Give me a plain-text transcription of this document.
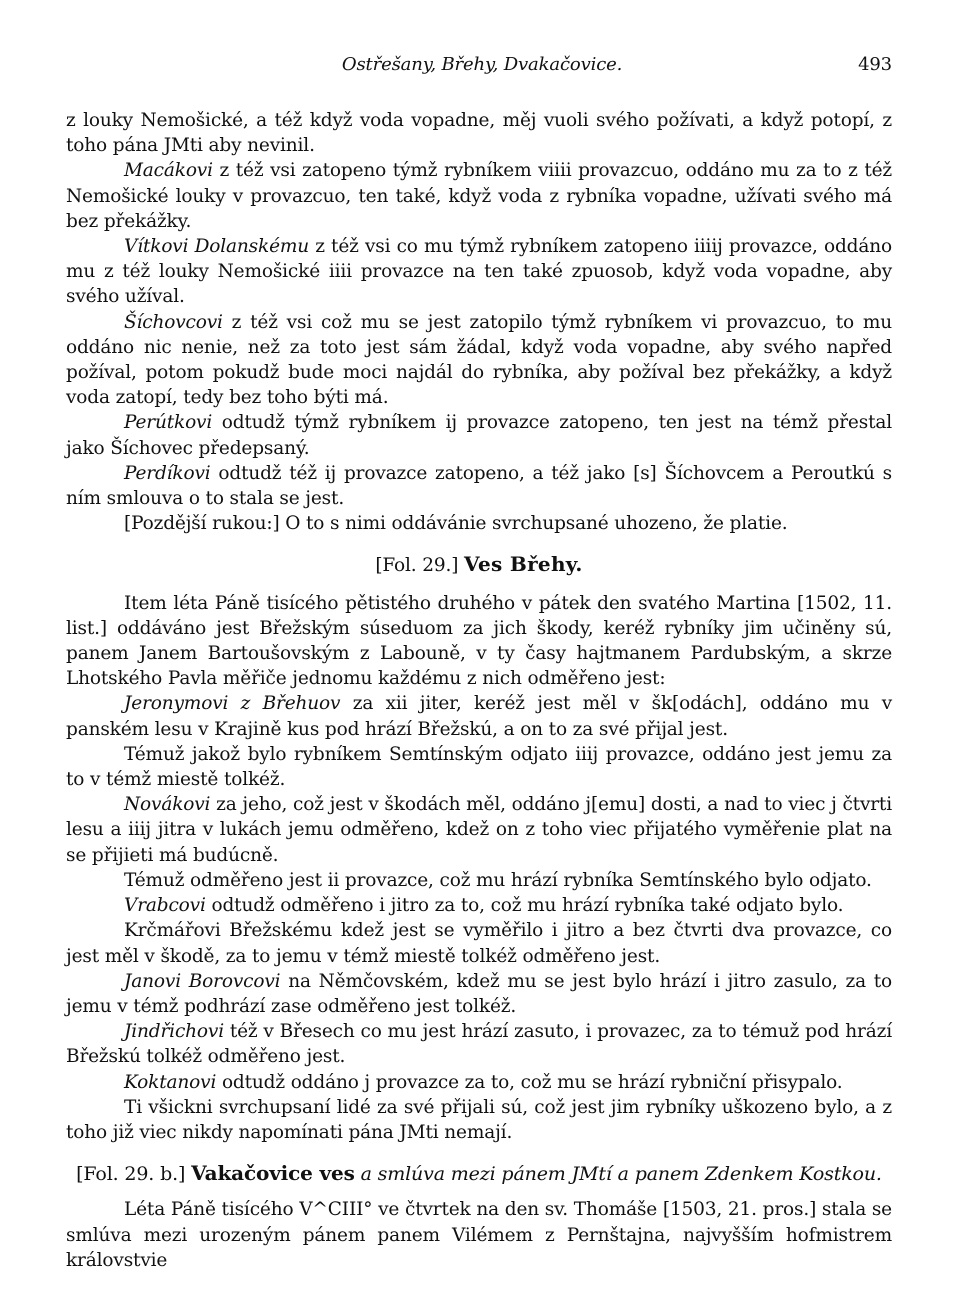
Ostřešany, Břehy, Dvakačovice.	493

z louky Nemošické, a též když voda vopadne, měj vuoli svého požívati, a když potopí, z toho pána JMti aby nevinil.

Macákovi z též vsi zatopeno týmž rybníkem viiii provazcuo, oddáno mu za to z též Nemošické louky v provazcuo, ten také, když voda z rybníka vopadne, užívati svého má bez překážky.

Vítkovi Dolanskému z též vsi co mu týmž rybníkem zatopeno iiiij provazce, oddáno mu z též louky Nemošické iiii provazce na ten také zpuosob, když voda vopadne, aby svého užíval.

Šíchovcovi z též vsi což mu se jest zatopilo týmž rybníkem vi provazcuo, to mu oddáno nic nenie, než za toto jest sám žádal, když voda vopadne, aby svého napřed požíval, potom pokudž bude moci najdál do rybníka, aby požíval bez překážky, a když voda zatopí, tedy bez toho býti má.

Perútkovi odtudž týmž rybníkem ij provazce zatopeno, ten jest na témž přestal jako Šíchovec předepsaný.

Perdíkovi odtudž též ij provazce zatopeno, a též jako [s] Šíchovcem a Peroutkú s ním smlouva o to stala se jest.

[Pozdější rukou:] O to s nimi oddávánie svrchupsané uhozeno, že platie.

[Fol. 29.] Ves Břehy.

Item léta Páně tisícého pětistého druhého v pátek den svatého Martina [1502, 11. list.] oddáváno jest Břežským súseduom za jich škody, keréž rybníky jim učiněny sú, panem Janem Bartoušovským z Labouně, v ty časy hajtmanem Pardubským, a skrze Lhotského Pavla měřiče jednomu každému z nich odměřeno jest:

Jeronymovi z Břehuov za xii jiter, keréž jest měl v šk[odách], oddáno mu v panském lesu v Krajině kus pod hrází Břežskú, a on to za své přijal jest.

Témuž jakož bylo rybníkem Semtínským odjato iiij provazce, oddáno jest jemu za to v témž miestě tolkéž.

Novákovi za jeho, což jest v škodách měl, oddáno j[emu] dosti, a nad to viec j čtvrti lesu a iiij jitra v lukách jemu odměřeno, kdež on z toho viec přijatého vyměřenie plat na se přijieti má budúcně.

Témuž odměřeno jest ii provazce, což mu hrází rybníka Semtínského bylo odjato.

Vrabcovi odtudž odměřeno i jitro za to, což mu hrází rybníka také odjato bylo.

Krčmářovi Břežskému kdež jest se vyměřilo i jitro a bez čtvrti dva provazce, co jest měl v škodě, za to jemu v témž miestě tolkéž odměřeno jest.

Janovi Borovcovi na Němčovském, kdež mu se jest bylo hrází i jitro zasulo, za to jemu v témž podhrází zase odměřeno jest tolkéž.

Jindřichovi též v Břesech co mu jest hrází zasuto, i provazec, za to témuž pod hrází Břežskú tolkéž odměřeno jest.

Koktanovi odtudž oddáno j provazce za to, což mu se hrází rybniční přisypalo.

Ti všickni svrchupsaní lidé za své přijali sú, což jest jim rybníky uškozeno bylo, a z toho již viec nikdy napomínati pána JMti nemají.

[Fol. 29. b.] Vakačovice ves a smlúva mezi pánem JMtí a panem Zdenkem Kostkou.

Léta Páně tisícého V^CIII° ve čtvrtek na den sv. Thomáše [1503, 21. pros.] stala se smlúva mezi urozeným pánem panem Vilémem z Pernštajna, najvyšším hofmistrem královstvie
